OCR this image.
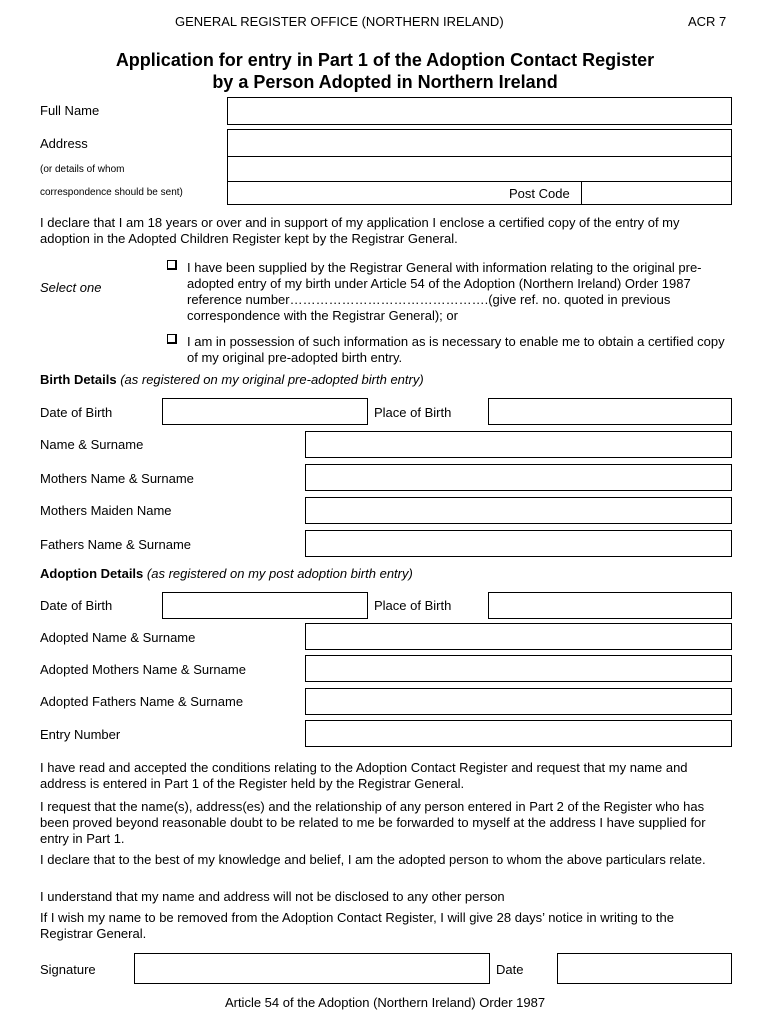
GENERAL REGISTER OFFICE (NORTHERN IRELAND)	ACR 7
Application for entry in Part 1 of the Adoption Contact Register
by a Person Adopted in Northern Ireland
Full Name
Address
(or details of whom
correspondence should be sent)	Post Code
I declare that I am 18 years or over and in support of my application I enclose a certified copy of the entry of my adoption in the Adopted Children Register kept by the Registrar General.
Select one
I have been supplied by the Registrar General with information relating to the original pre-adopted entry of my birth under Article 54 of the Adoption (Northern Ireland) Order 1987 reference number……………………………………….(give ref. no. quoted in previous correspondence with the Registrar General); or
I am in possession of such information as is necessary to enable me to obtain a certified copy of my original pre-adopted birth entry.
Birth Details (as registered on my original pre-adopted birth entry)
Date of Birth	Place of Birth
Name & Surname
Mothers Name & Surname
Mothers Maiden Name
Fathers Name & Surname
Adoption Details (as registered on my post adoption birth entry)
Date of Birth	Place of Birth
Adopted Name & Surname
Adopted Mothers Name & Surname
Adopted Fathers Name & Surname
Entry Number
I have read and accepted the conditions relating to the Adoption Contact Register and request that my name and address is entered in Part 1 of the Register held by the Registrar General.
I request that the name(s), address(es) and the relationship of any person entered in Part 2 of the Register who has been proved beyond reasonable doubt to be related to me be forwarded to myself at the address I have supplied for entry in Part 1.
I declare that to the best of my knowledge and belief, I am the adopted person to whom the above particulars relate.
I understand that my name and address will not be disclosed to any other person
If I wish my name to be removed from the Adoption Contact Register, I will give 28 days’ notice in writing to the Registrar General.
Signature	Date
Article 54 of the Adoption (Northern Ireland) Order 1987
